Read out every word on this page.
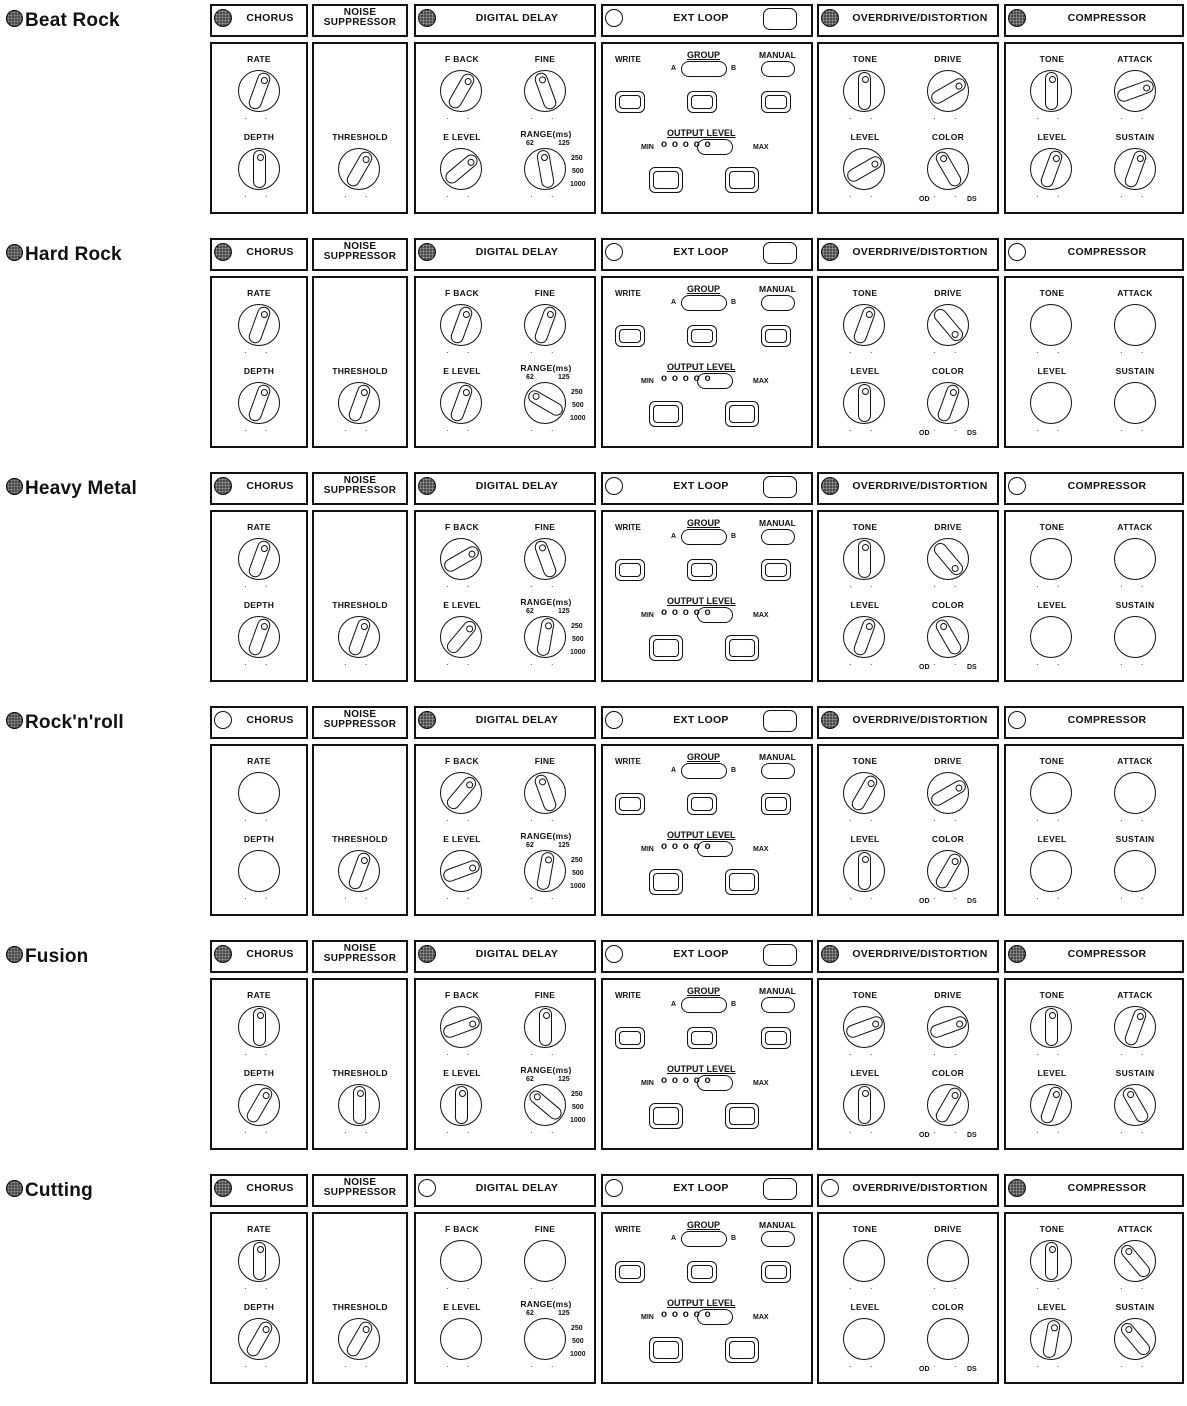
Beat Rock	CHORUS
RATE
· ·
DEPTH
· ·
NOISE
SUPPRESSOR
THRESHOLD
· ·
DIGITAL DELAY
F BACK
· ·
FINE
· ·
E LEVEL
· ·
RANGE(ms)
62	125
250
500
1000
· ·
EXT LOOP
WRITE	GROUP
A	B
MANUAL
OUTPUT LEVEL
MIN o o o o o	MAX
OVERDRIVE/DISTORTION
TONE
· ·
DRIVE
· ·
LEVEL
· ·
COLOR
· ·
OD	DS
COMPRESSOR
TONE
· ·
ATTACK
· ·
LEVEL
· ·
SUSTAIN
· ·
Hard Rock	CHORUS
RATE
· ·
DEPTH
· ·
NOISE
SUPPRESSOR
THRESHOLD
· ·
DIGITAL DELAY
F BACK
· ·
FINE
· ·
E LEVEL
· ·
RANGE(ms)
62	125
250
500
1000
· ·
EXT LOOP
WRITE	GROUP
A	B
MANUAL
OUTPUT LEVEL
MIN o o o o o	MAX
OVERDRIVE/DISTORTION
TONE
· ·
DRIVE
· ·
LEVEL
· ·
COLOR
· ·
OD	DS
COMPRESSOR
TONE
· ·
ATTACK
· ·
LEVEL
· ·
SUSTAIN
· ·
Heavy Metal	CHORUS
RATE
· ·
DEPTH
· ·
NOISE
SUPPRESSOR
THRESHOLD
· ·
DIGITAL DELAY
F BACK
· ·
FINE
· ·
E LEVEL
· ·
RANGE(ms)
62	125
250
500
1000
· ·
EXT LOOP
WRITE	GROUP
A	B
MANUAL
OUTPUT LEVEL
MIN o o o o o	MAX
OVERDRIVE/DISTORTION
TONE
· ·
DRIVE
· ·
LEVEL
· ·
COLOR
· ·
OD	DS
COMPRESSOR
TONE
· ·
ATTACK
· ·
LEVEL
· ·
SUSTAIN
· ·
Rock'n'roll	CHORUS
RATE
· ·
DEPTH
· ·
NOISE
SUPPRESSOR
THRESHOLD
· ·
DIGITAL DELAY
F BACK
· ·
FINE
· ·
E LEVEL
· ·
RANGE(ms)
62	125
250
500
1000
· ·
EXT LOOP
WRITE	GROUP
A	B
MANUAL
OUTPUT LEVEL
MIN o o o o o	MAX
OVERDRIVE/DISTORTION
TONE
· ·
DRIVE
· ·
LEVEL
· ·
COLOR
· ·
OD	DS
COMPRESSOR
TONE
· ·
ATTACK
· ·
LEVEL
· ·
SUSTAIN
· ·
Fusion	CHORUS
RATE
· ·
DEPTH
· ·
NOISE
SUPPRESSOR
THRESHOLD
· ·
DIGITAL DELAY
F BACK
· ·
FINE
· ·
E LEVEL
· ·
RANGE(ms)
62	125
250
500
1000
· ·
EXT LOOP
WRITE	GROUP
A	B
MANUAL
OUTPUT LEVEL
MIN o o o o o	MAX
OVERDRIVE/DISTORTION
TONE
· ·
DRIVE
· ·
LEVEL
· ·
COLOR
· ·
OD	DS
COMPRESSOR
TONE
· ·
ATTACK
· ·
LEVEL
· ·
SUSTAIN
· ·
Cutting	CHORUS
RATE
· ·
DEPTH
· ·
NOISE
SUPPRESSOR
THRESHOLD
· ·
DIGITAL DELAY
F BACK
· ·
FINE
· ·
E LEVEL
· ·
RANGE(ms)
62	125
250
500
1000
· ·
EXT LOOP
WRITE	GROUP
A	B
MANUAL
OUTPUT LEVEL
MIN o o o o o	MAX
OVERDRIVE/DISTORTION
TONE
· ·
DRIVE
· ·
LEVEL
· ·
COLOR
· ·
OD	DS
COMPRESSOR
TONE
· ·
ATTACK
· ·
LEVEL
· ·
SUSTAIN
· ·
